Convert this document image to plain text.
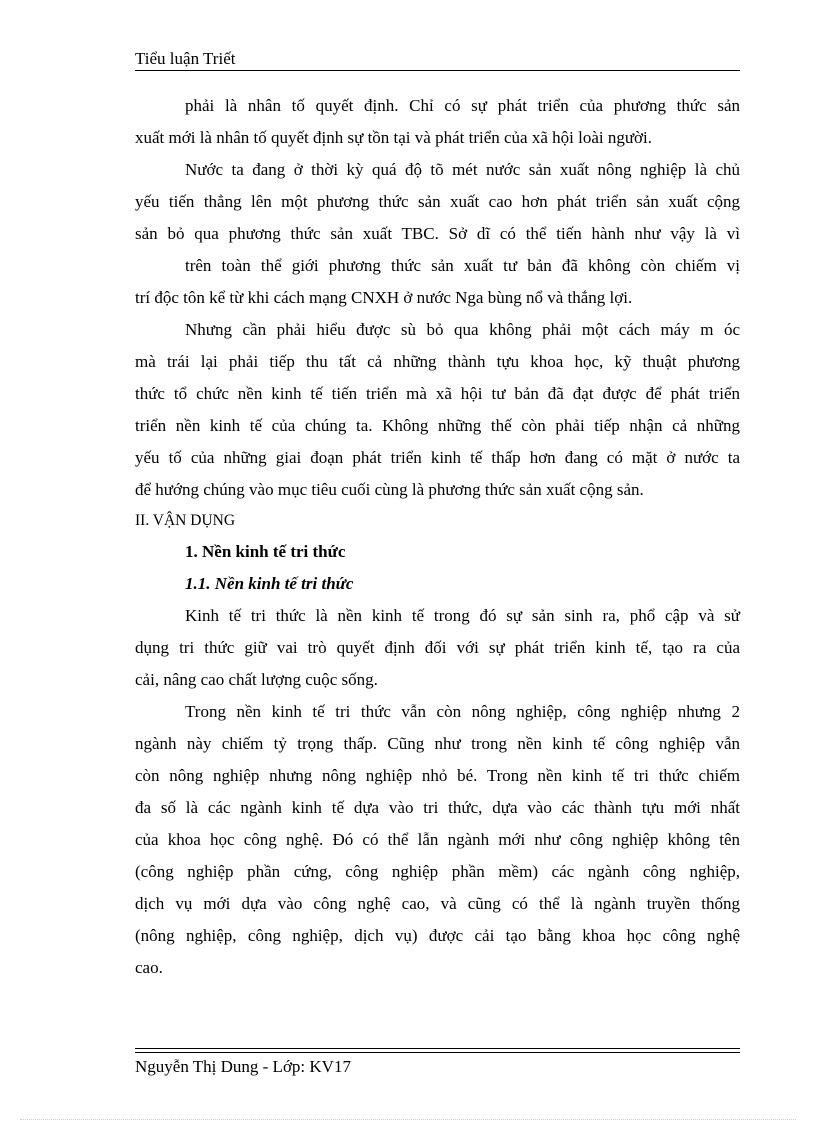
Tiểu luận Triết
phải là nhân tố quyết định. Chỉ có sự phát triển của phương thức sản
xuất mới là nhân tố quyết định sự tồn tại và phát triển của xã hội loài người.
Nước ta đang ở thời kỳ quá độ tõ mét nước sản xuất nông nghiệp là chủ
yếu tiến thẳng lên một phương thức sản xuất cao hơn phát triển sản xuất cộng
sản bỏ qua phương thức sản xuất TBC. Sở dĩ có thể tiến hành như vậy là vì
trên toàn thể giới phương thức sản xuất tư bản đã không còn chiếm vị
trí độc tôn kể từ khi cách mạng CNXH ở nước Nga bùng nổ và thắng lợi.
Nhưng cần phải hiểu được sù bỏ qua không phải một cách máy m óc
mà trái lại phải tiếp thu tất cả những thành tựu khoa học, kỹ thuật phương
thức tổ chức nền kinh tế tiến triển mà xã hội tư bản đã đạt được để phát triển
triển nền kinh tế của chúng ta. Không những thế còn phải tiếp nhận cả những
yếu tố của những giai đoạn phát triển kinh tế thấp hơn đang có mặt ở nước ta
để hướng chúng vào mục tiêu cuối cùng là phương thức sản xuất cộng sản.
II. VẬN DỤNG
1. Nền kinh tế tri thức
1.1. Nền kinh tế tri thức
Kinh tế tri thức là nền kinh tế trong đó sự sản sinh ra, phổ cập và sử
dụng tri thức giữ vai trò quyết định đối với sự phát triển kinh tế, tạo ra của
cải, nâng cao chất lượng cuộc sống.
Trong nền kinh tế tri thức vẫn còn nông nghiệp, công nghiệp nhưng 2
ngành này chiếm tỷ trọng thấp. Cũng như trong nền kinh tế công nghiệp vẫn
còn nông nghiệp nhưng nông nghiệp nhỏ bé. Trong nền kinh tế tri thức chiếm
đa số là các ngành kinh tế dựa vào tri thức, dựa vào các thành tựu mới nhất
của khoa học công nghệ. Đó có thể lẫn ngành mới như công nghiệp không tên
(công nghiệp phần cứng, công nghiệp phần mềm) các ngành công nghiệp,
dịch vụ mới dựa vào công nghệ cao, và cũng có thể là ngành truyền thống
(nông nghiệp, công nghiệp, dịch vụ) được cải tạo bằng khoa học công nghệ
cao.
Nguyễn Thị Dung - Lớp: KV17
